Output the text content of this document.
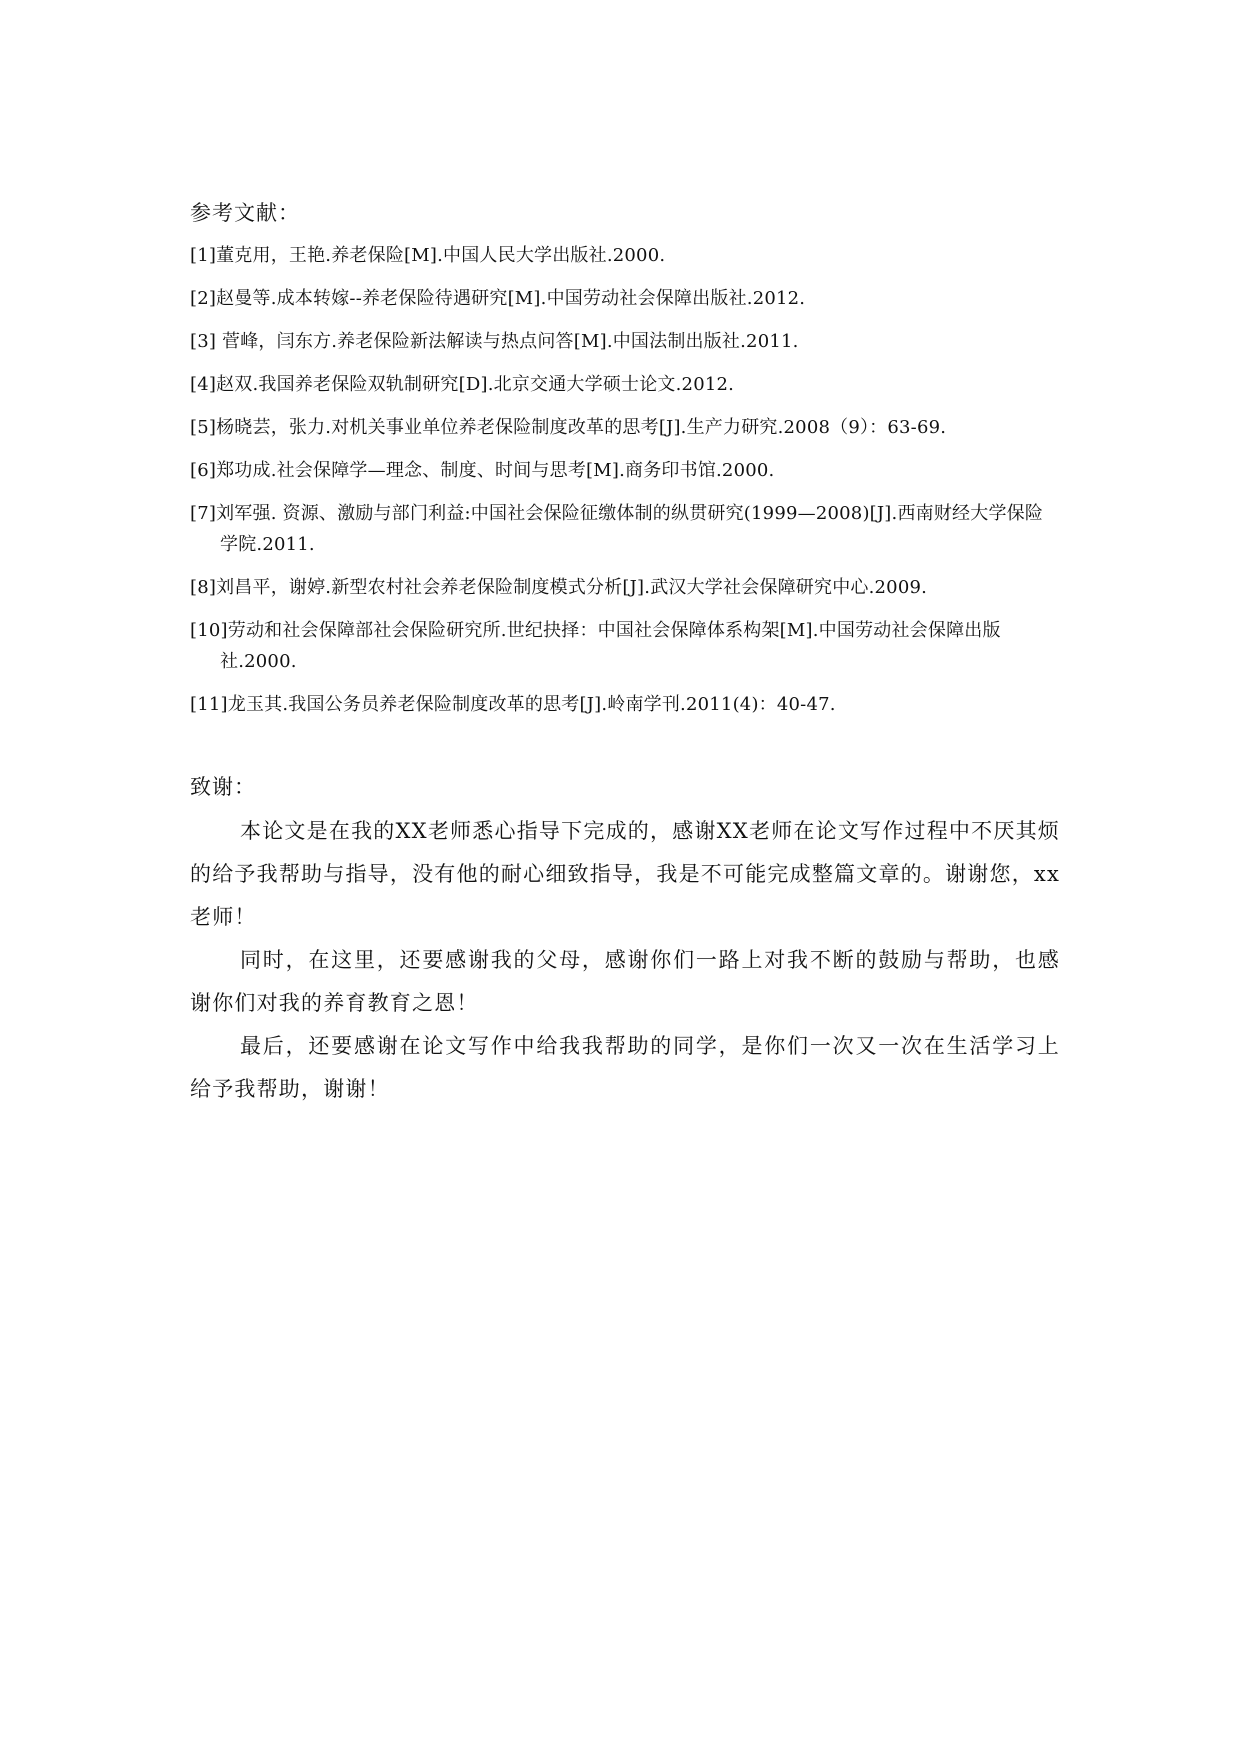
参考文献：
[1]董克用，王艳.养老保险[M].中国人民大学出版社.2000.
[2]赵曼等.成本转嫁--养老保险待遇研究[M].中国劳动社会保障出版社.2012.
[3] 菅峰，闫东方.养老保险新法解读与热点问答[M].中国法制出版社.2011.
[4]赵双.我国养老保险双轨制研究[D].北京交通大学硕士论文.2012.
[5]杨晓芸，张力.对机关事业单位养老保险制度改革的思考[J].生产力研究.2008（9）：63-69.
[6]郑功成.社会保障学—理念、制度、时间与思考[M].商务印书馆.2000.
[7]刘军强. 资源、激励与部门利益:中国社会保险征缴体制的纵贯研究(1999—2008)[J].西南财经大学保险学院.2011.
[8]刘昌平，谢婷.新型农村社会养老保险制度模式分析[J].武汉大学社会保障研究中心.2009.
[10]劳动和社会保障部社会保险研究所.世纪抉择：中国社会保障体系构架[M].中国劳动社会保障出版社.2000.
[11]龙玉其.我国公务员养老保险制度改革的思考[J].岭南学刊.2011(4)：40-47.
致谢：

本论文是在我的XX老师悉心指导下完成的，感谢XX老师在论文写作过程中不厌其烦的给予我帮助与指导，没有他的耐心细致指导，我是不可能完成整篇文章的。谢谢您，xx老师！

同时，在这里，还要感谢我的父母，感谢你们一路上对我不断的鼓励与帮助，也感谢你们对我的养育教育之恩！

最后，还要感谢在论文写作中给我我帮助的同学，是你们一次又一次在生活学习上给予我帮助，谢谢！
